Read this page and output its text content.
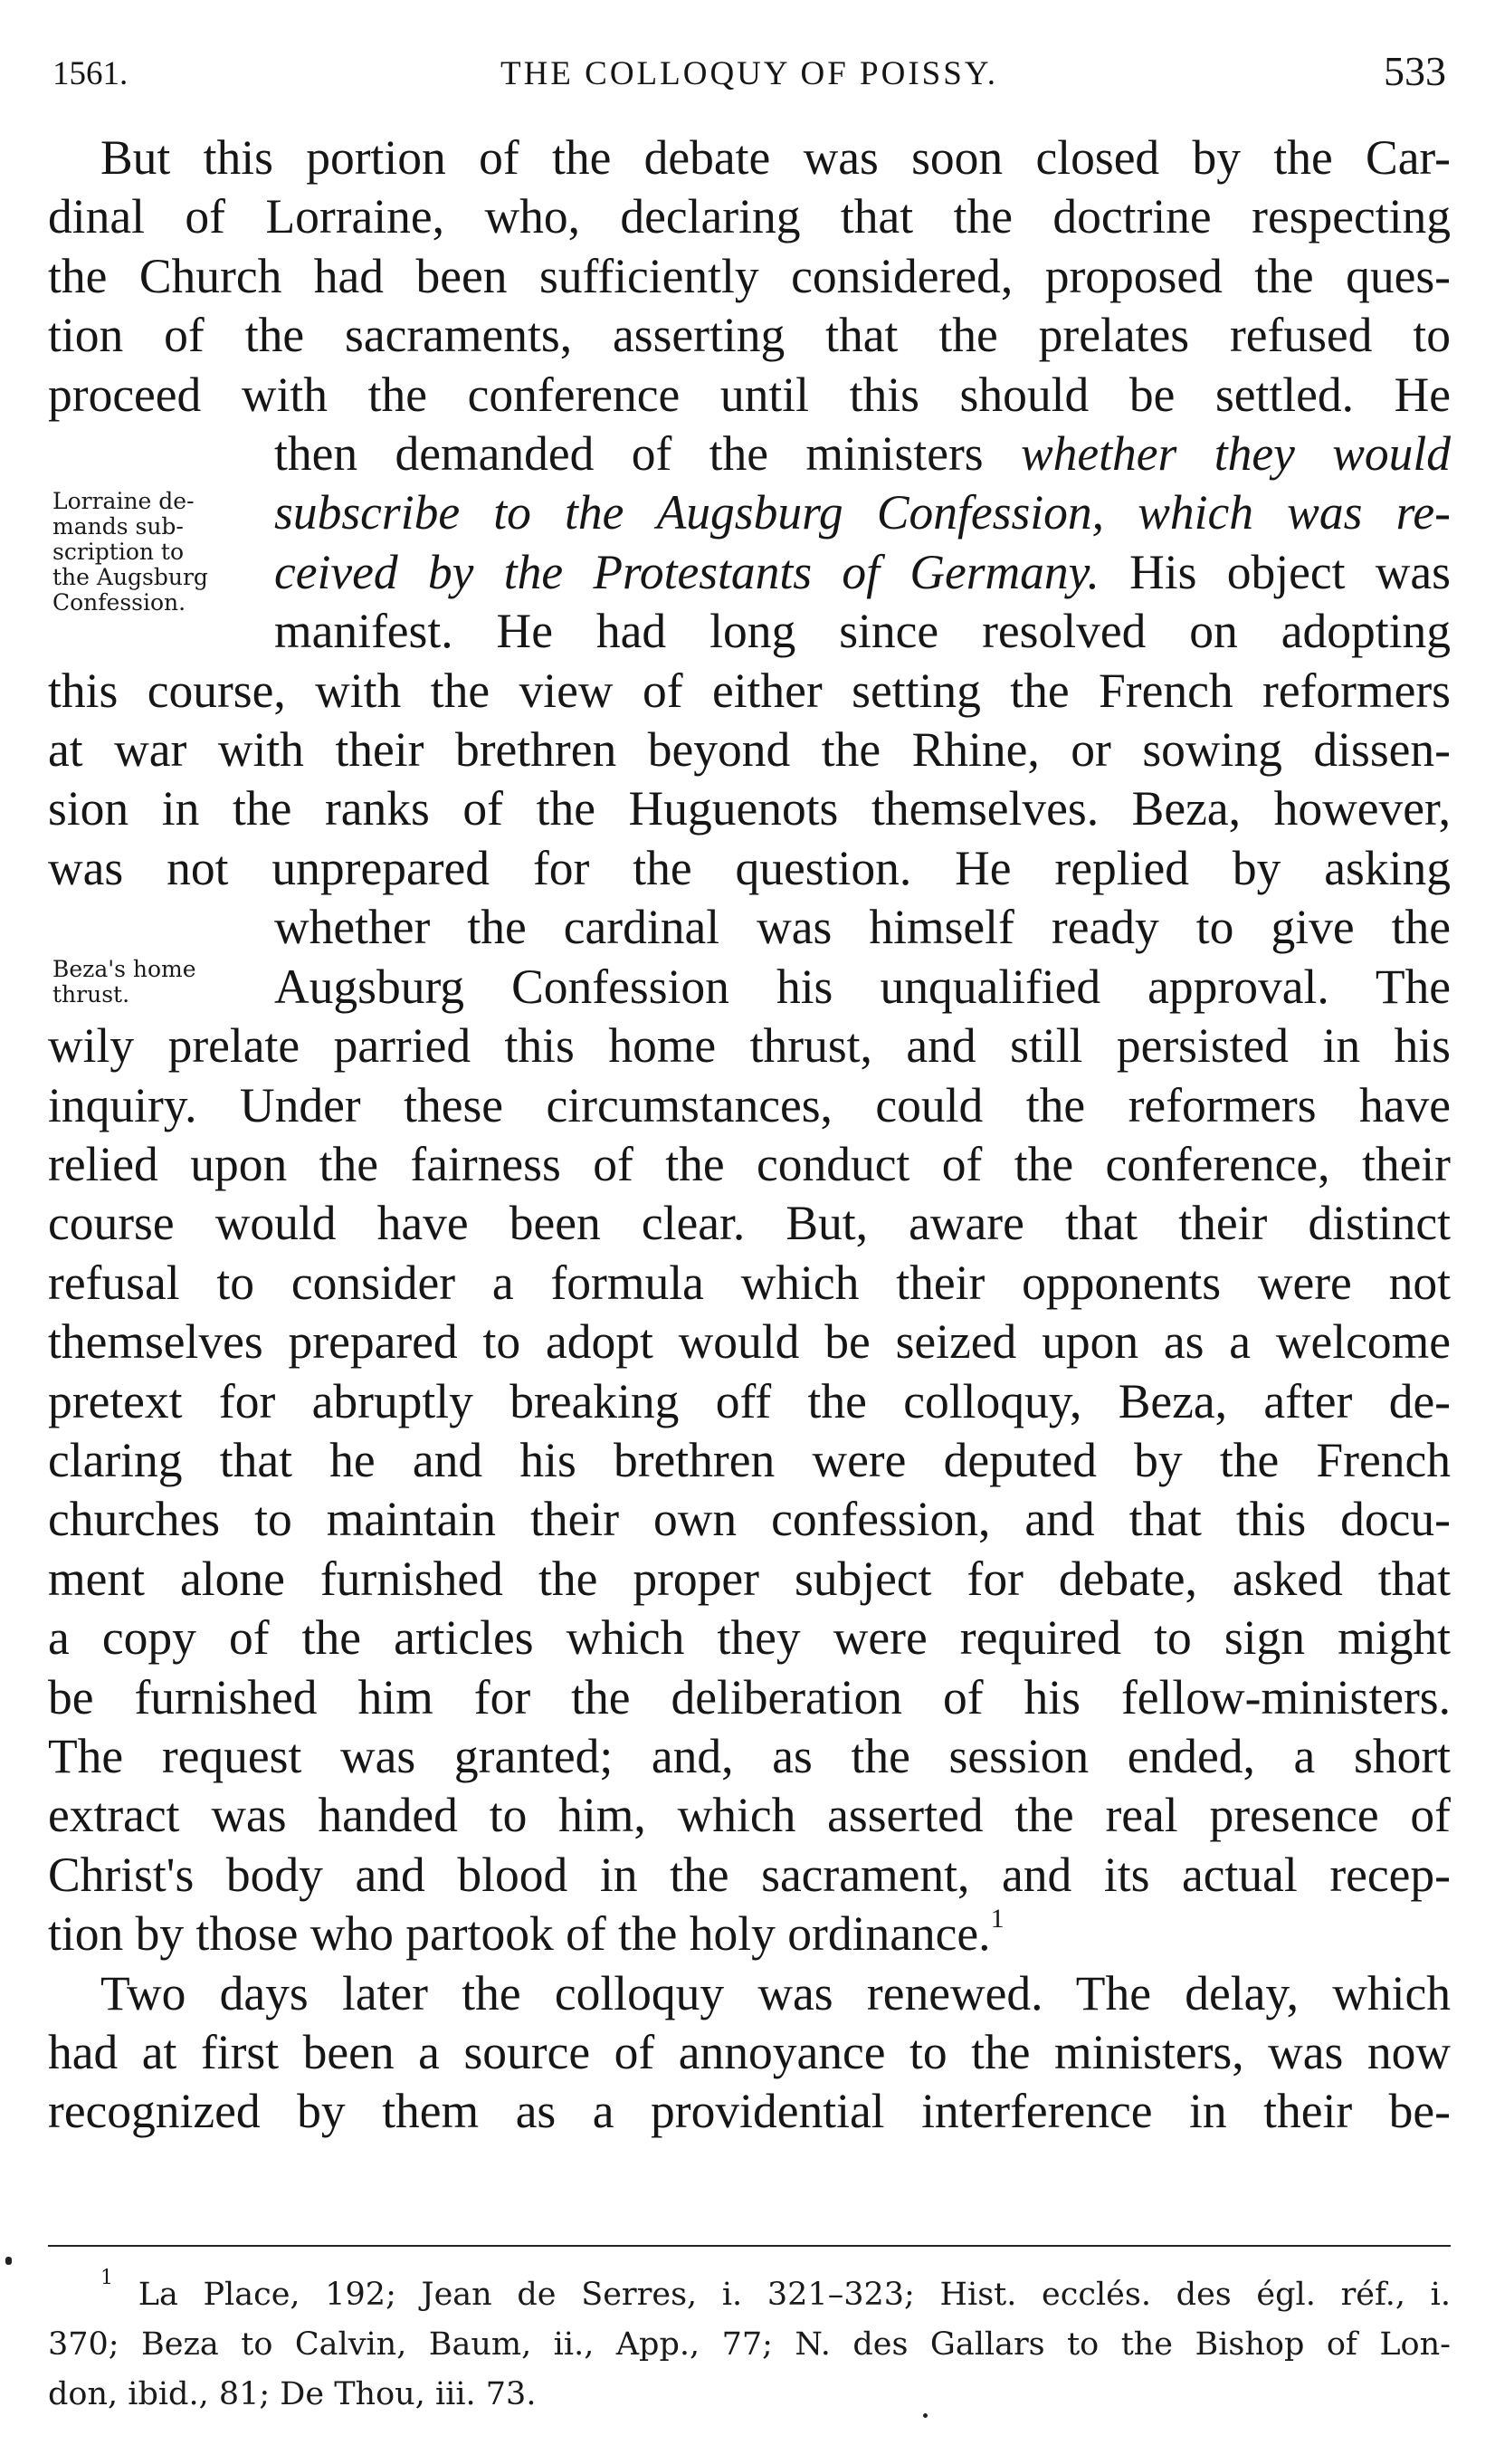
1561.	THE COLLOQUY OF POISSY.	533
Lorraine de-
mands sub-
scription to
the Augsburg
Confession.
Beza's home
thrust.
But this portion of the debate was soon closed by the Car-
dinal of Lorraine, who, declaring that the doctrine respecting
the Church had been sufficiently considered, proposed the ques-
tion of the sacraments, asserting that the prelates refused to
proceed with the conference until this should be settled. He
then demanded of the ministers whether they would
subscribe to the Augsburg Confession, which was re-
ceived by the Protestants of Germany. His object was
manifest. He had long since resolved on adopting
this course, with the view of either setting the French reformers
at war with their brethren beyond the Rhine, or sowing dissen-
sion in the ranks of the Huguenots themselves. Beza, however,
was not unprepared for the question. He replied by asking
whether the cardinal was himself ready to give the
Augsburg Confession his unqualified approval. The
wily prelate parried this home thrust, and still persisted in his
inquiry. Under these circumstances, could the reformers have
relied upon the fairness of the conduct of the conference, their
course would have been clear. But, aware that their distinct
refusal to consider a formula which their opponents were not
themselves prepared to adopt would be seized upon as a welcome
pretext for abruptly breaking off the colloquy, Beza, after de-
claring that he and his brethren were deputed by the French
churches to maintain their own confession, and that this docu-
ment alone furnished the proper subject for debate, asked that
a copy of the articles which they were required to sign might
be furnished him for the deliberation of his fellow-ministers.
The request was granted; and, as the session ended, a short
extract was handed to him, which asserted the real presence of
Christ's body and blood in the sacrament, and its actual recep-
tion by those who partook of the holy ordinance.$^1$
Two days later the colloquy was renewed. The delay, which
had at first been a source of annoyance to the ministers, was now
recognized by them as a providential interference in their be-
$^1$ La Place, 192; Jean de Serres, i. 321–323; Hist. ecclés. des égl. réf., i.
370; Beza to Calvin, Baum, ii., App., 77; N. des Gallars to the Bishop of Lon-
don, ibid., 81; De Thou, iii. 73.
